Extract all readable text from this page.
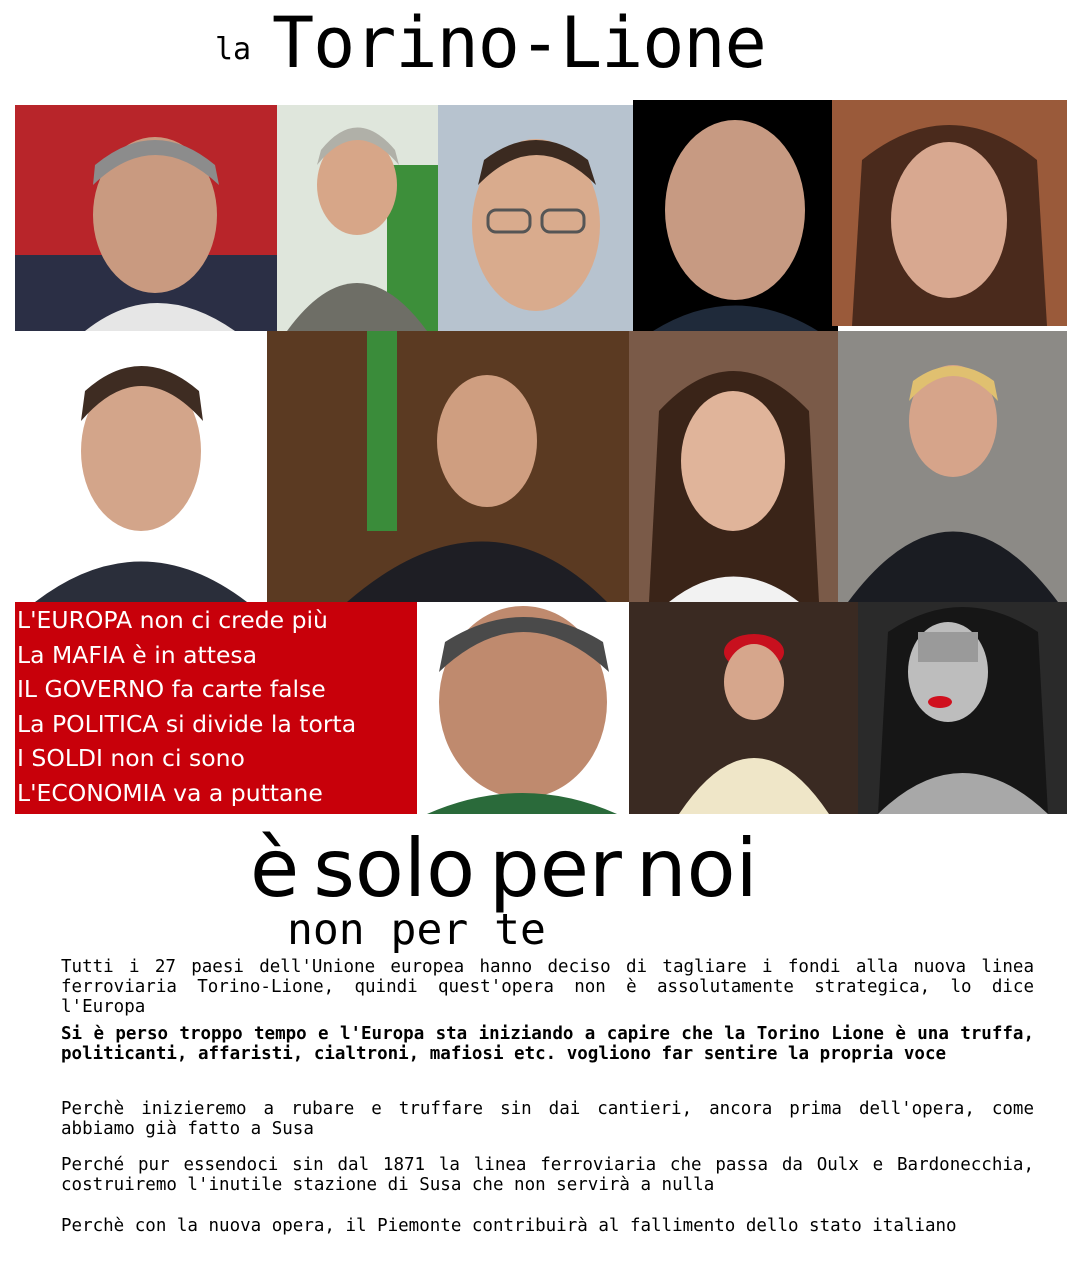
la Torino-Lione
L'EUROPA non ci crede più
La MAFIA è in attesa
IL GOVERNO fa carte false
La POLITICA si divide la torta
I SOLDI non ci sono
L'ECONOMIA va a puttane
è solo per noi
non per te
Tutti i 27 paesi dell'Unione europea hanno deciso di tagliare i fondi alla nuova linea ferroviaria Torino-Lione, quindi quest'opera non è assolutamente strategica, lo dice l'Europa
Si è perso troppo tempo e l'Europa sta iniziando a capire che la Torino Lione è una truffa, politicanti, affaristi, cialtroni, mafiosi etc. vogliono far sentire la propria voce
Perchè inizieremo a rubare e truffare sin dai cantieri, ancora prima dell'opera, come abbiamo già fatto a Susa
Perché pur essendoci sin dal 1871 la linea ferroviaria che passa da Oulx e Bardonecchia, costruiremo l'inutile stazione di Susa che non servirà a nulla
Perchè con la nuova opera, il Piemonte contribuirà al fallimento dello stato italiano
